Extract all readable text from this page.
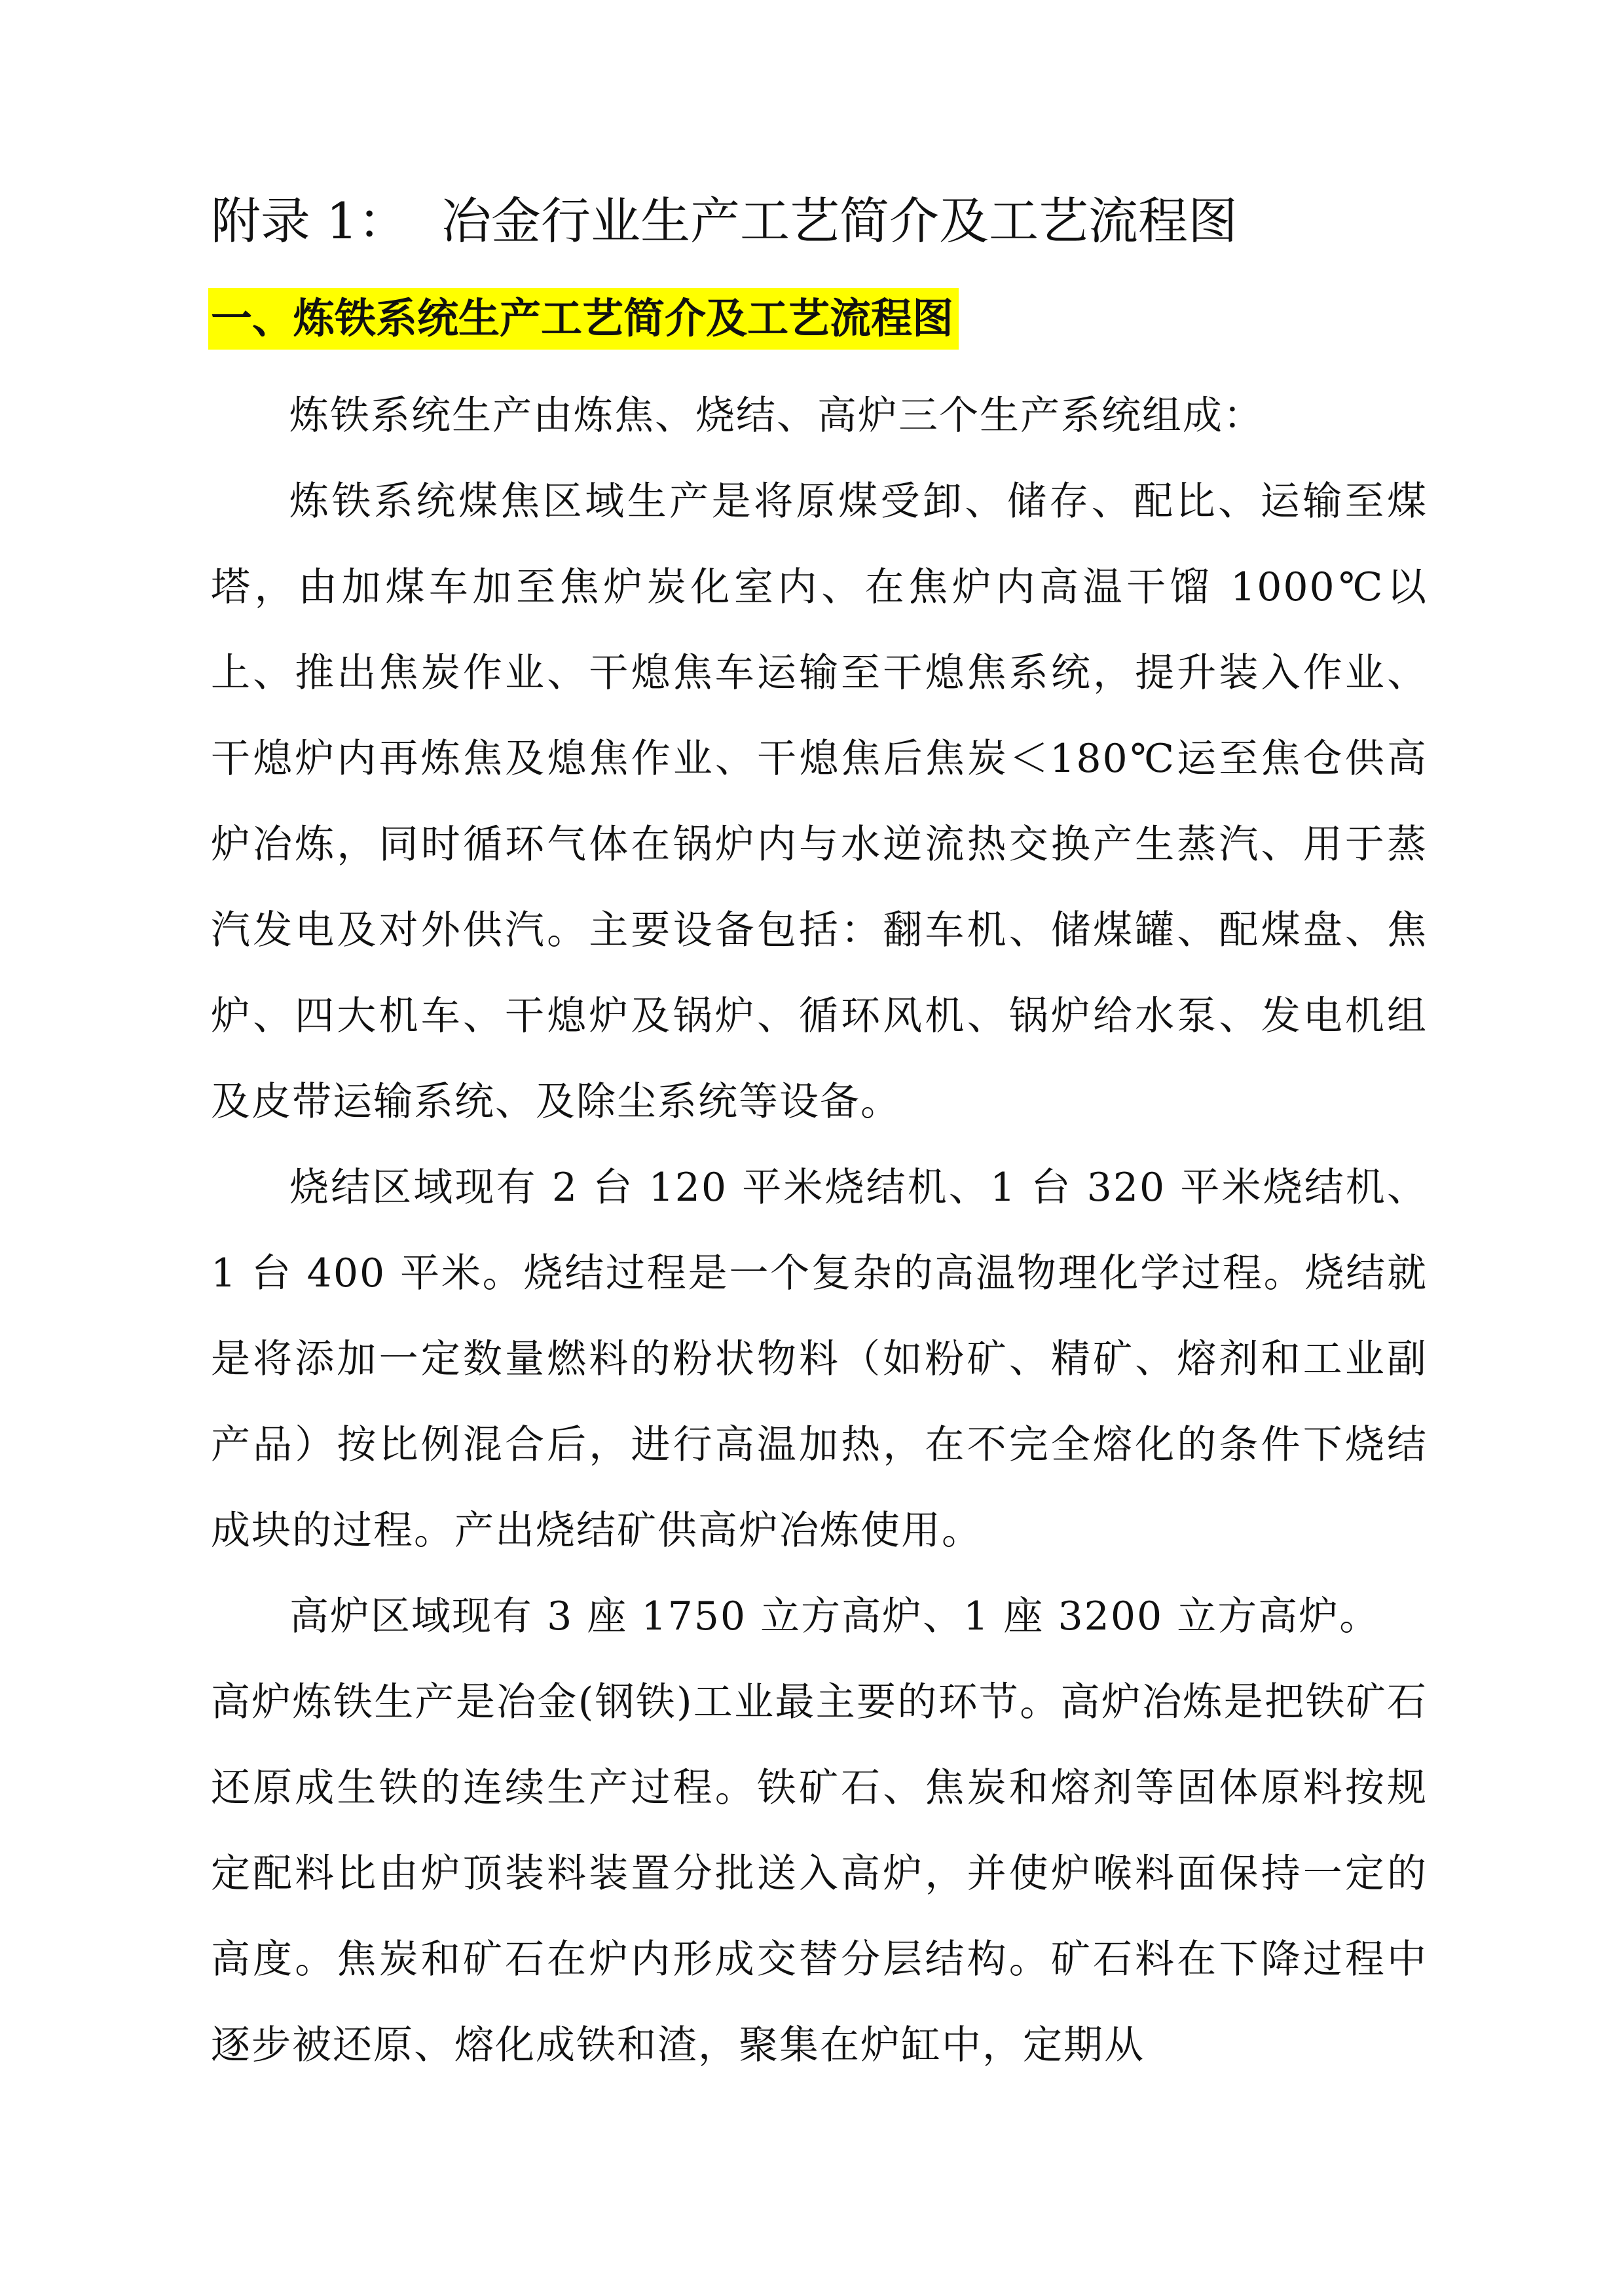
附录 1： 冶金行业生产工艺简介及工艺流程图
一、炼铁系统生产工艺简介及工艺流程图

炼铁系统生产由炼焦、烧结、高炉三个生产系统组成：

炼铁系统煤焦区域生产是将原煤受卸、储存、配比、运输至煤塔，由加煤车加至焦炉炭化室内、在焦炉内高温干馏 1000℃以上、推出焦炭作业、干熄焦车运输至干熄焦系统，提升装入作业、干熄炉内再炼焦及熄焦作业、干熄焦后焦炭＜180℃运至焦仓供高炉冶炼，同时循环气体在锅炉内与水逆流热交换产生蒸汽、用于蒸汽发电及对外供汽。主要设备包括：翻车机、储煤罐、配煤盘、焦炉、四大机车、干熄炉及锅炉、循环风机、锅炉给水泵、发电机组及皮带运输系统、及除尘系统等设备。

烧结区域现有 2 台 120 平米烧结机、1 台 320 平米烧结机、1 台 400 平米。烧结过程是一个复杂的高温物理化学过程。烧结就是将添加一定数量燃料的粉状物料（如粉矿、精矿、熔剂和工业副产品）按比例混合后，进行高温加热，在不完全熔化的条件下烧结成块的过程。产出烧结矿供高炉冶炼使用。

高炉区域现有 3 座 1750 立方高炉、1 座 3200 立方高炉。

高炉炼铁生产是冶金(钢铁)工业最主要的环节。高炉冶炼是把铁矿石还原成生铁的连续生产过程。铁矿石、焦炭和熔剂等固体原料按规定配料比由炉顶装料装置分批送入高炉，并使炉喉料面保持一定的高度。焦炭和矿石在炉内形成交替分层结构。矿石料在下降过程中逐步被还原、熔化成铁和渣，聚集在炉缸中，定期从
